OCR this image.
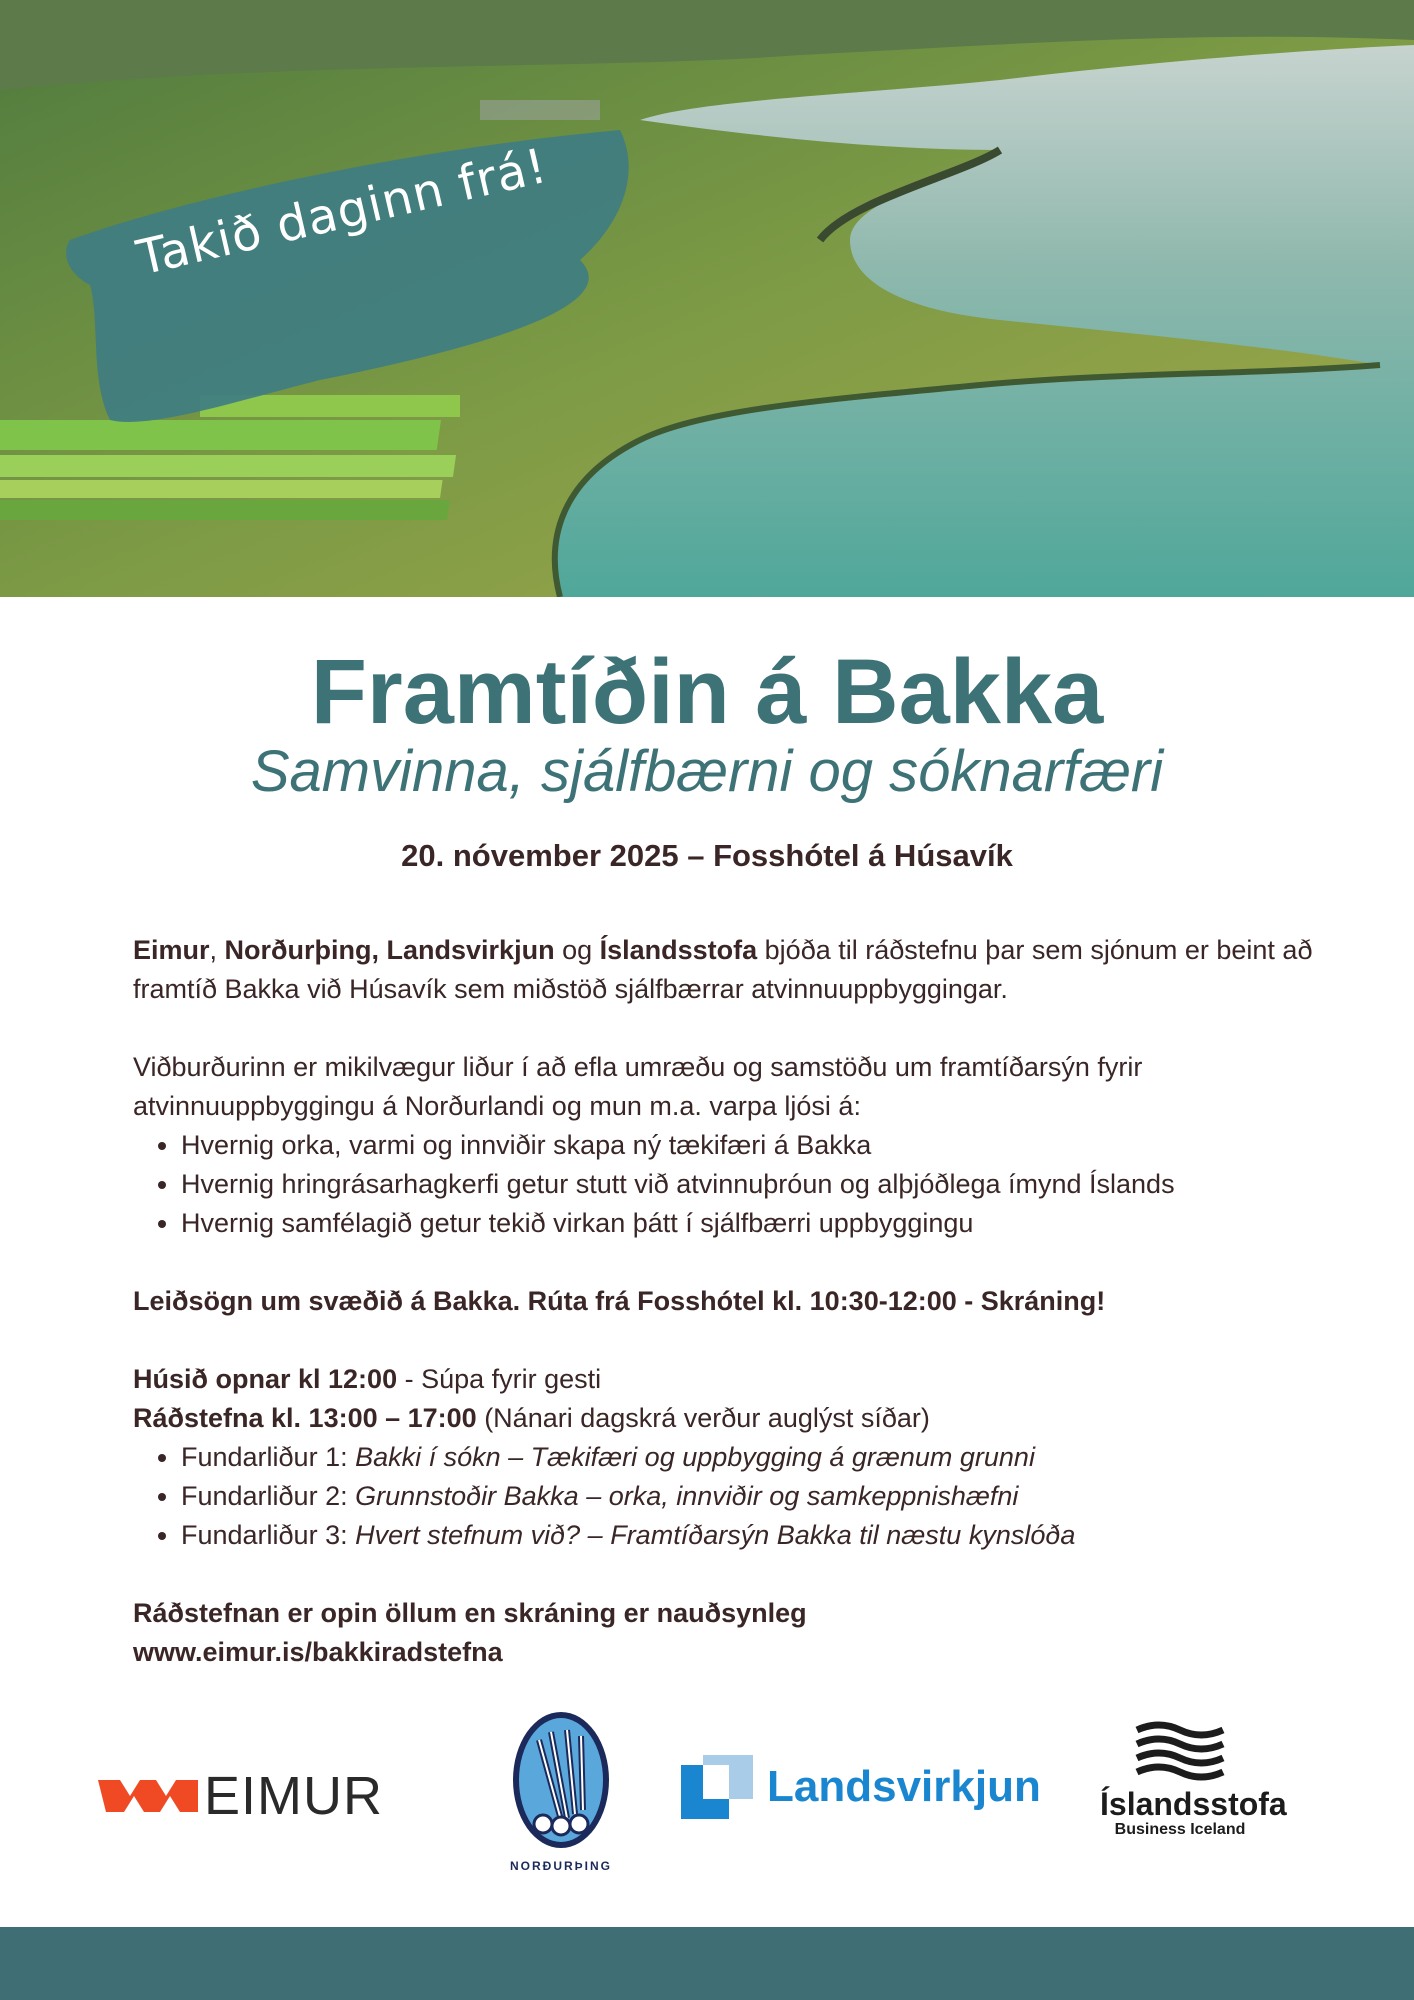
Takið daginn frá!
Framtíðin á Bakka
Samvinna, sjálfbærni og sóknarfæri
20. nóvember 2025 – Fosshótel á Húsavík

Eimur, Norðurþing, Landsvirkjun og Íslandsstofa bjóða til ráðstefnu þar sem sjónum er beint að framtíð Bakka við Húsavík sem miðstöð sjálfbærrar atvinnuuppbyggingar.

Viðburðurinn er mikilvægur liður í að efla umræðu og samstöðu um framtíðarsýn fyrir atvinnuuppbyggingu á Norðurlandi og mun m.a. varpa ljósi á:

• Hvernig orka, varmi og innviðir skapa ný tækifæri á Bakka
• Hvernig hringrásarhagkerfi getur stutt við atvinnuþróun og alþjóðlega ímynd Íslands
• Hvernig samfélagið getur tekið virkan þátt í sjálfbærri uppbyggingu

Leiðsögn um svæðið á Bakka. Rúta frá Fosshótel kl. 10:30-12:00 - Skráning!

Húsið opnar kl 12:00 - Súpa fyrir gesti

Ráðstefna kl. 13:00 – 17:00 (Nánari dagskrá verður auglýst síðar)

• Fundarliður 1: Bakki í sókn – Tækifæri og uppbygging á grænum grunni
• Fundarliður 2: Grunnstoðir Bakka – orka, innviðir og samkeppnishæfni
• Fundarliður 3: Hvert stefnum við? – Framtíðarsýn Bakka til næstu kynslóða

Ráðstefnan er opin öllum en skráning er nauðsynleg

www.eimur.is/bakkiradstefna

EIMUR
NORÐURÞING
Landsvirkjun Íslandsstofa
Business Iceland
